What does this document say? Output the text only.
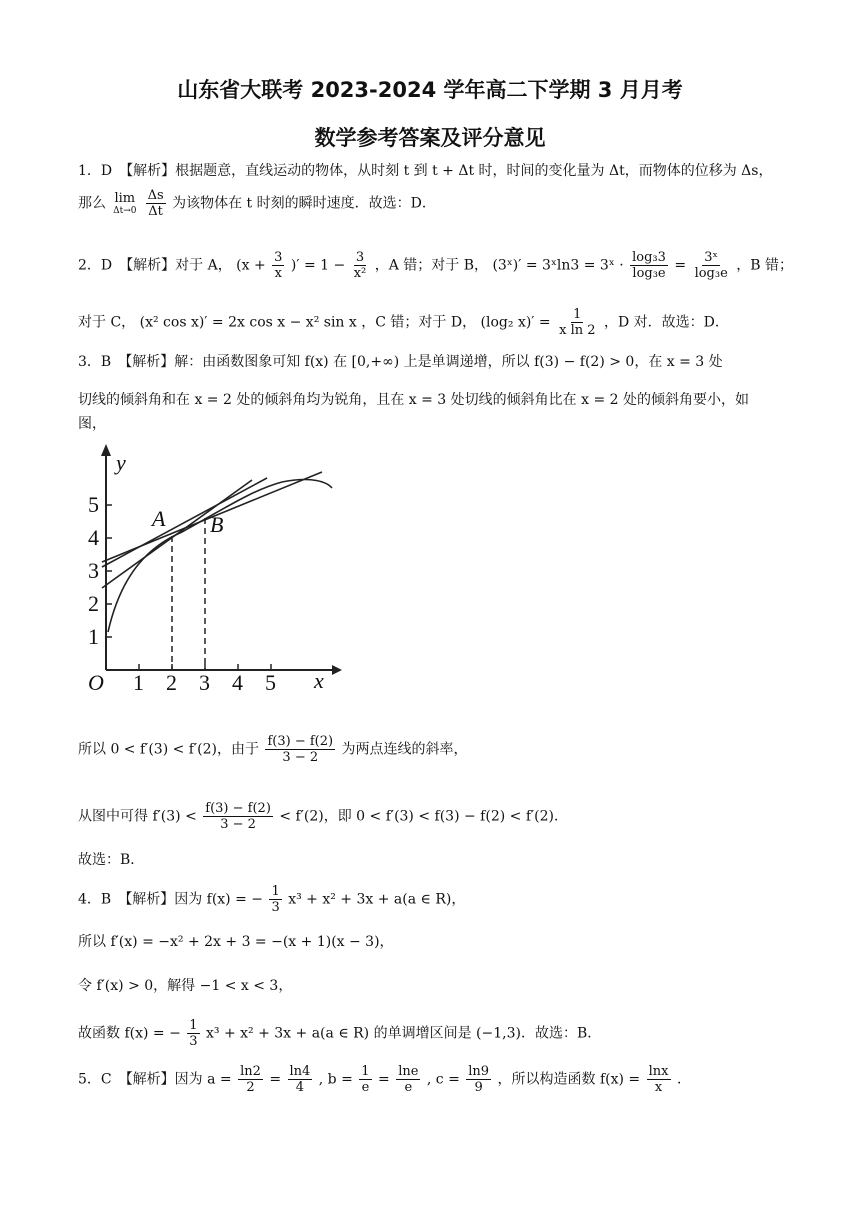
山东省大联考 2023-2024 学年高二下学期 3 月月考
数学参考答案及评分意见
1．D　【解析】根据题意，直线运动的物体，从时刻 t 到 t + Δt 时，时间的变化量为 Δt，而物体的位移为 Δs，
那么 lim
Δt→0
$\frac{\Delta s}{\Delta t}$ 为该物体在 t 时刻的瞬时速度．故选：D．
2．D　【解析】对于 A， ($x + \frac{3}{x}$ )′ = $1 - \frac{3}{\text{x²}}$ ，A 错；对于 B， (3ˣ)′ = 3ˣln3 = 3ˣ · $\frac{\text{log₃3}}{\text{log₃e}} = \frac{\text{3ˣ}}{\text{log₃e}}$ ，B 错；
对于 C， (x² cos x)′ = 2x cos x − x² sin x ，C 错；对于 D， (log₂ $x)' = \frac{1}{\text{x ln 2}}$ ，D 对．故选：D．
3．B　【解析】解：由函数图象可知 f(x) 在 [0,+∞) 上是单调递增，所以 f(3) − f(2) > 0，在 x = 3 处
切线的倾斜角和在 x = 2 处的倾斜角均为锐角，且在 x = 3 处切线的倾斜角比在 x = 2 处的倾斜角要小，如
图，
y
x
O 1 2 3 4 5
1
2
3
4
5
A B
所以 0 < f′(3) < f′(2)，由于 $\frac{f(3) - f(2)}{3 - 2}$ 为两点连线的斜率，
从图中可得 $f'(3) < \frac{f(3) - f(2)}{3 - 2} < f'(2)$，即 0 < f′(3) < f(3) − f(2) < f′(2)．
故选：B．
4．B　【解析】因为 f(x) = − $\frac{1}{3} x^3 + x^2 + 3x + a(a$ ∈ R)，
所以 f′(x) = −x² + 2x + 3 = −(x + 1)(x − 3)，
令 f′(x) > 0，解得 −1 < x < 3，
故函数 f(x) = − $\frac{1}{3} x^3 + x^2 + 3x + a(a$ ∈ R) 的单调增区间是 (−1,3)．故选：B．
5．C　【解析】因为 $a = \frac{\ln 2}{2} = \frac{\ln 4}{4}$ , $b = \frac{1}{e} = \frac{\ln e}{e}$ , $c = \frac{\ln 9}{9}$ ，所以构造函数 $f(x) = \frac{\ln x}{x}$ ．
